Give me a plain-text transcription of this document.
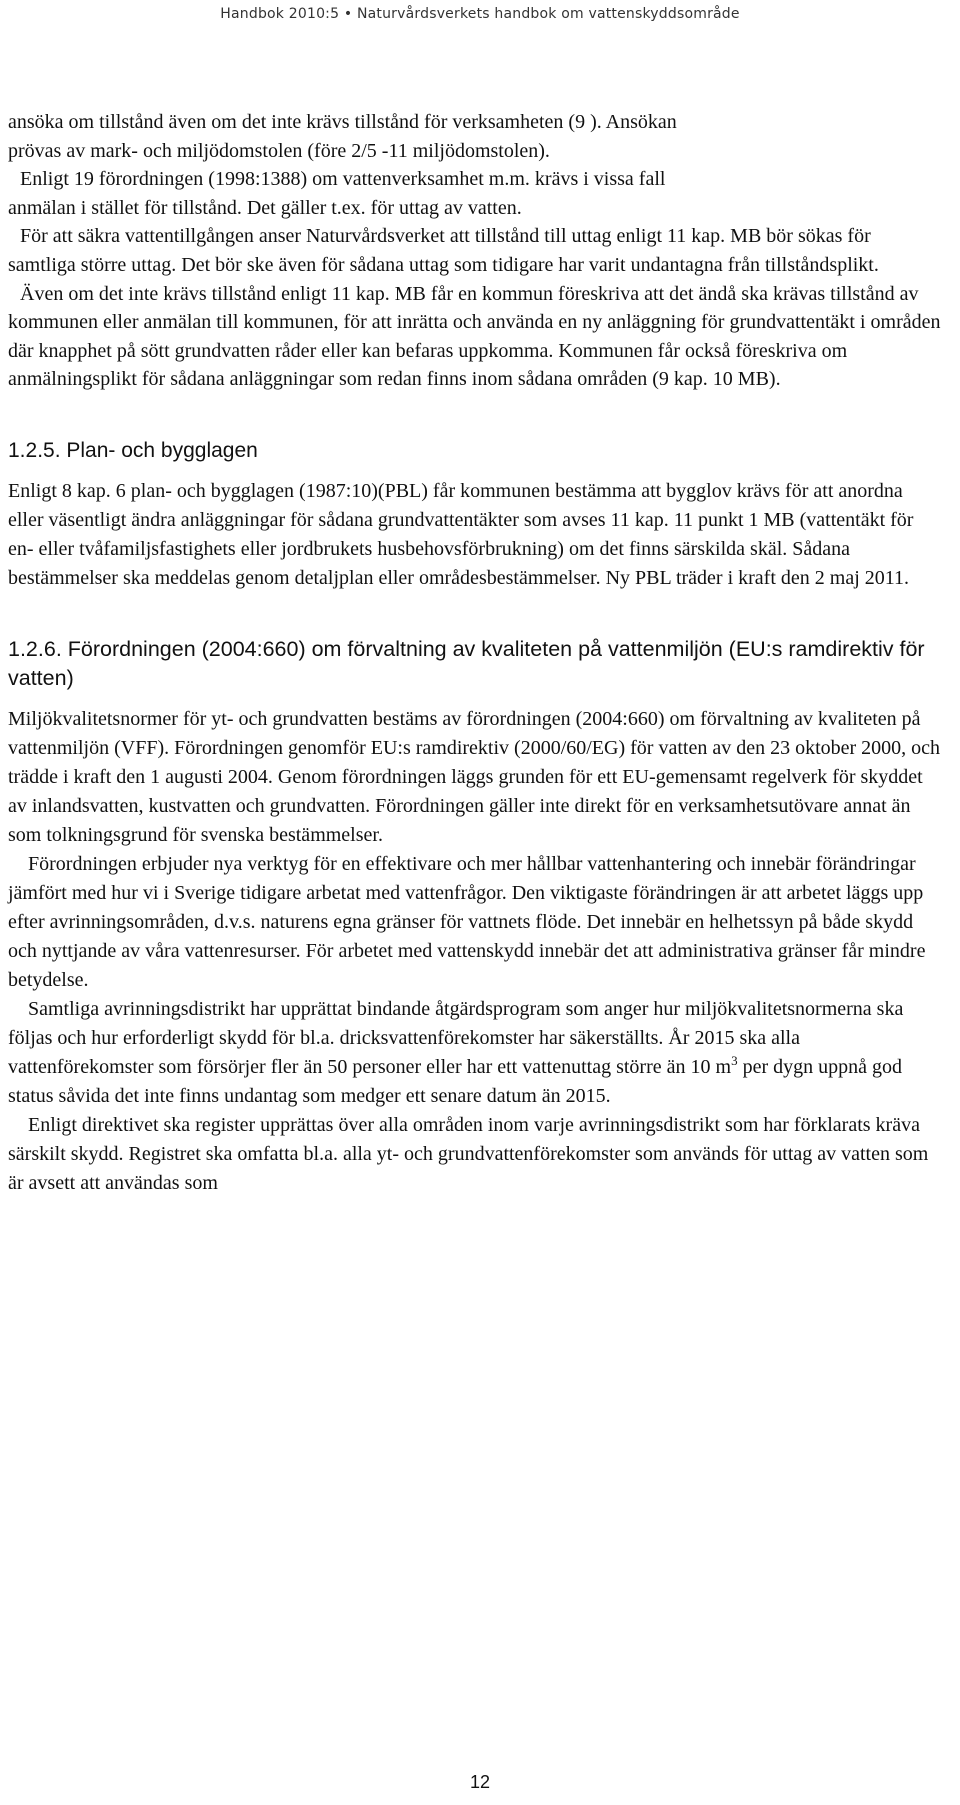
Handbok 2010:5 • Naturvårdsverkets handbok om vattenskyddsområde

ansöka om tillstånd även om det inte krävs tillstånd för verksamheten (9 ). Ansökan
prövas av mark- och miljödomstolen (före 2/5 -11 miljödomstolen).

Enligt 19 förordningen (1998:1388) om vattenverksamhet m.m. krävs i vissa fall
anmälan i stället för tillstånd. Det gäller t.ex. för uttag av vatten.

För att säkra vattentillgången anser Naturvårdsverket att tillstånd till uttag enligt 11 kap. MB bör sökas för samtliga större uttag. Det bör ske även för sådana uttag som tidigare har varit undantagna från tillståndsplikt.

Även om det inte krävs tillstånd enligt 11 kap. MB får en kommun föreskriva att det ändå ska krävas tillstånd av kommunen eller anmälan till kommunen, för att inrätta och använda en ny anläggning för grundvattentäkt i områden där knapphet på sött grundvatten råder eller kan befaras uppkomma. Kommunen får också föreskriva om anmälningsplikt för sådana anläggningar som redan finns inom sådana områden (9 kap. 10 MB).

1.2.5. Plan- och bygglagen

Enligt 8 kap. 6 plan- och bygglagen (1987:10)(PBL) får kommunen bestämma att bygglov krävs för att anordna eller väsentligt ändra anläggningar för sådana grundvattentäkter som avses 11 kap. 11 punkt 1 MB (vattentäkt för en- eller tvåfamiljsfastighets eller jordbrukets husbehovsförbrukning) om det finns särskilda skäl. Sådana bestämmelser ska meddelas genom detaljplan eller områdesbestämmelser. Ny PBL träder i kraft den 2 maj 2011.

1.2.6. Förordningen (2004:660) om förvaltning av kvaliteten på vattenmiljön (EU:s ramdirektiv för vatten)

Miljökvalitetsnormer för yt- och grundvatten bestäms av förordningen (2004:660) om förvaltning av kvaliteten på vattenmiljön (VFF). Förordningen genomför EU:s ramdirektiv (2000/60/EG) för vatten av den 23 oktober 2000, och trädde i kraft den 1 augusti 2004. Genom förordningen läggs grunden för ett EU-gemensamt regelverk för skyddet av inlandsvatten, kustvatten och grundvatten. Förordningen gäller inte direkt för en verksamhetsutövare annat än som tolkningsgrund för svenska bestämmelser.

Förordningen erbjuder nya verktyg för en effektivare och mer hållbar vattenhantering och innebär förändringar jämfört med hur vi i Sverige tidigare arbetat med vattenfrågor. Den viktigaste förändringen är att arbetet läggs upp efter avrinningsområden, d.v.s. naturens egna gränser för vattnets flöde. Det innebär en helhetssyn på både skydd och nyttjande av våra vattenresurser. För arbetet med vattenskydd innebär det att administrativa gränser får mindre betydelse.

Samtliga avrinningsdistrikt har upprättat bindande åtgärdsprogram som anger hur miljökvalitetsnormerna ska följas och hur erforderligt skydd för bl.a. dricksvattenförekomster har säkerställts. År 2015 ska alla vattenförekomster som försörjer fler än 50 personer eller har ett vattenuttag större än 10 $m^3$ per dygn uppnå god status såvida det inte finns undantag som medger ett senare datum än 2015.

Enligt direktivet ska register upprättas över alla områden inom varje avrinningsdistrikt som har förklarats kräva särskilt skydd. Registret ska omfatta bl.a. alla yt- och grundvattenförekomster som används för uttag av vatten som är avsett att användas som

12
